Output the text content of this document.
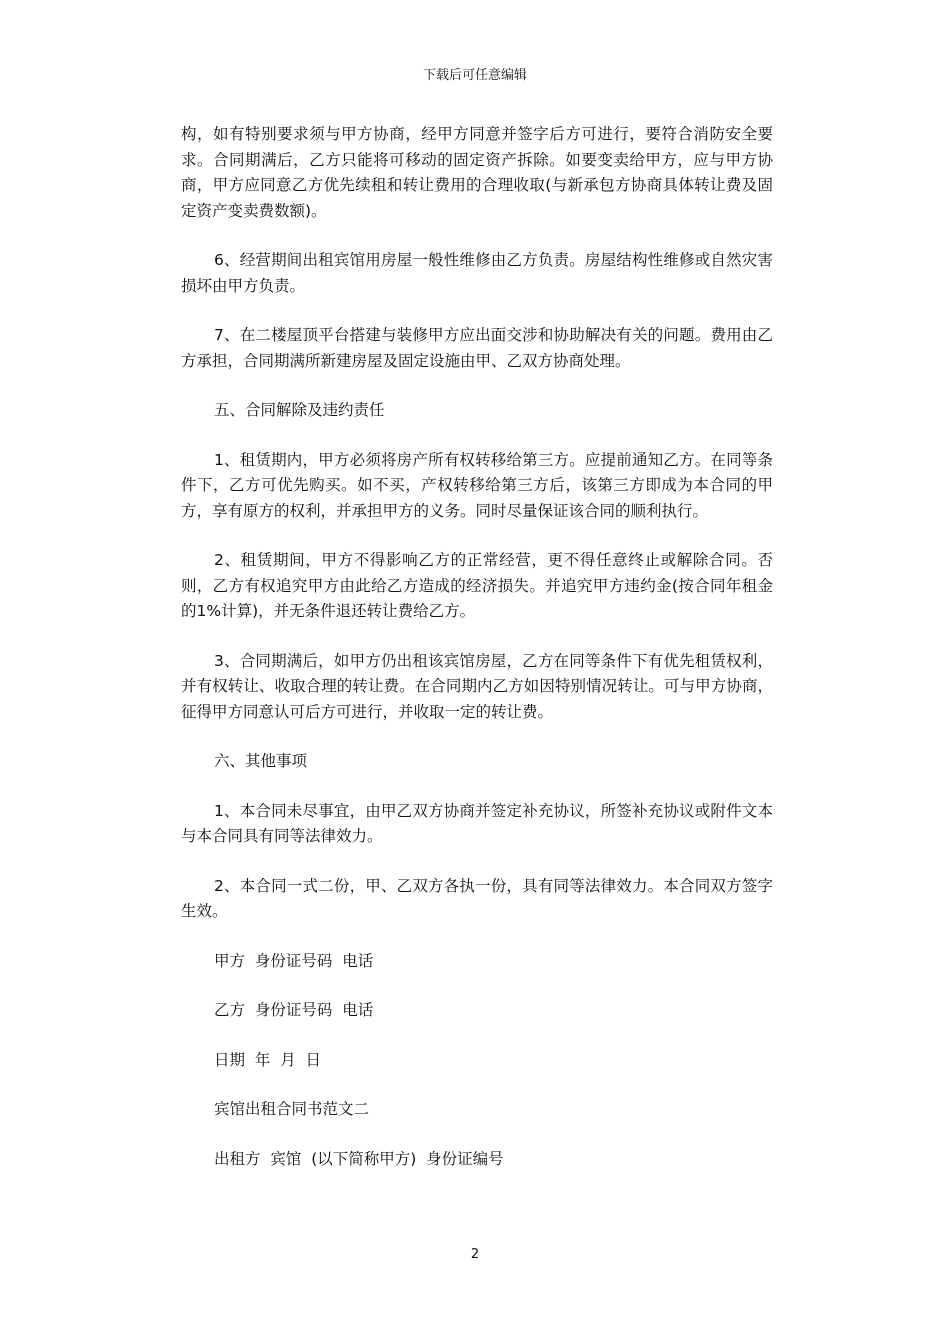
下载后可任意编辑

构，如有特别要求须与甲方协商，经甲方同意并签字后方可进行，要符合消防安全要求。合同期满后，乙方只能将可移动的固定资产拆除。如要变卖给甲方，应与甲方协商，甲方应同意乙方优先续租和转让费用的合理收取(与新承包方协商具体转让费及固定资产变卖费数额)。

6、经营期间出租宾馆用房屋一般性维修由乙方负责。房屋结构性维修或自然灾害损坏由甲方负责。

7、在二楼屋顶平台搭建与装修甲方应出面交涉和协助解决有关的问题。费用由乙方承担，合同期满所新建房屋及固定设施由甲、乙双方协商处理。

五、合同解除及违约责任

1、租赁期内，甲方必须将房产所有权转移给第三方。应提前通知乙方。在同等条件下，乙方可优先购买。如不买，产权转移给第三方后，该第三方即成为本合同的甲方，享有原方的权利，并承担甲方的义务。同时尽量保证该合同的顺利执行。

2、租赁期间，甲方不得影响乙方的正常经营，更不得任意终止或解除合同。否则，乙方有权追究甲方由此给乙方造成的经济损失。并追究甲方违约金(按合同年租金的1%计算)，并无条件退还转让费给乙方。

3、合同期满后，如甲方仍出租该宾馆房屋，乙方在同等条件下有优先租赁权利，并有权转让、收取合理的转让费。在合同期内乙方如因特别情况转让。可与甲方协商，征得甲方同意认可后方可进行，并收取一定的转让费。

六、其他事项

1、本合同未尽事宜，由甲乙双方协商并签定补充协议，所签补充协议或附件文本与本合同具有同等法律效力。

2、本合同一式二份，甲、乙双方各执一份，具有同等法律效力。本合同双方签字生效。

甲方  身份证号码  电话

乙方  身份证号码  电话

日期  年  月  日

宾馆出租合同书范文二

出租方  宾馆  (以下简称甲方)  身份证编号

2
